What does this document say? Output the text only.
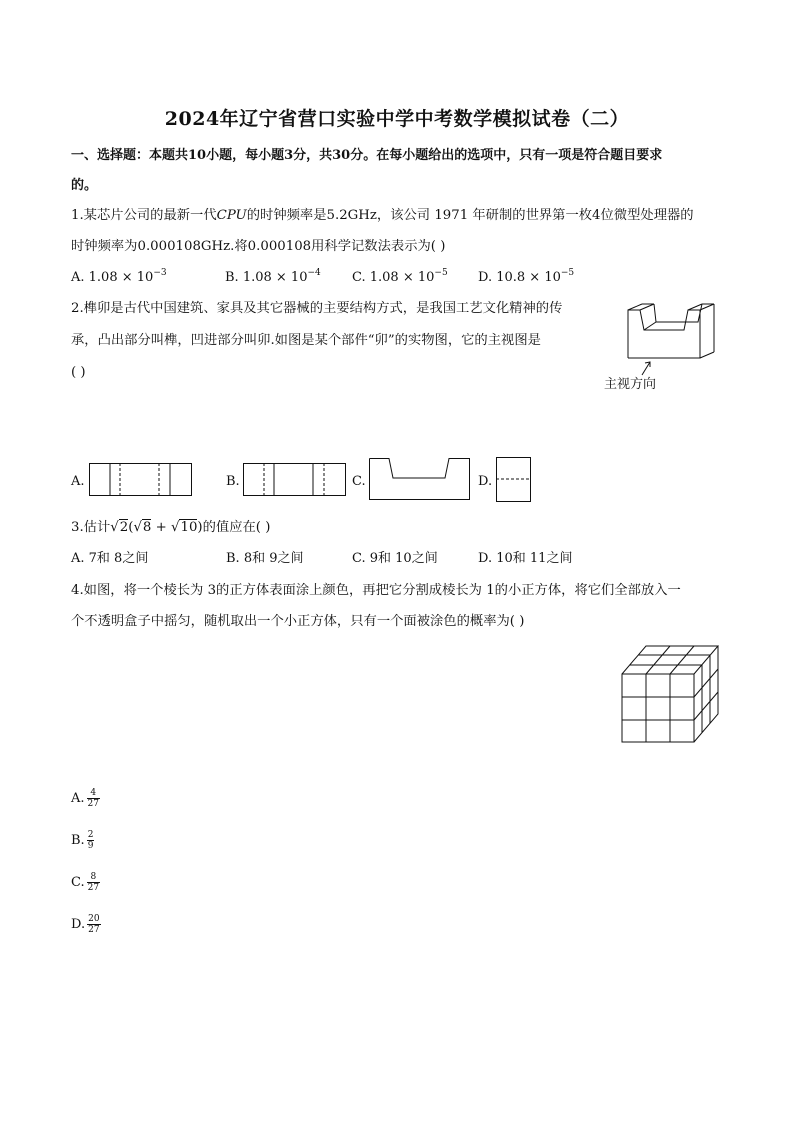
2024年辽宁省营口实验中学中考数学模拟试卷（二）
一、选择题：本题共10小题，每小题3分，共30分。在每小题给出的选项中，只有一项是符合题目要求
的。
1.某芯片公司的最新一代CPU的时钟频率是5.2GHz，该公司 1971 年研制的世界第一枚4位微型处理器的
时钟频率为0.000108GHz.将0.000108用科学记数法表示为( )
A. $1.08 \times 10^{-3}$	B. $1.08 \times 10^{-4}$ C. $1.08 \times 10^{-5}$ D. $10.8 \times 10^{-5}$
2.榫卯是古代中国建筑、家具及其它器械的主要结构方式，是我国工艺文化精神的传
承，凸出部分叫榫，凹进部分叫卯.如图是某个部件“卯”的实物图，它的主视图是
( )
主视方向
A.	B.	C.	D.
3.估计√2(√8 + √10)的值应在( )
A. 7和 8之间	B. 8和 9之间	C. 9和 10之间	D. 10和 11之间
4.如图，将一个棱长为 3的正方体表面涂上颜色，再把它分割成棱长为 1的小正方体，将它们全部放入一
个不透明盒子中摇匀，随机取出一个小正方体，只有一个面被涂色的概率为( )
A. $\frac{4}{27}$
B. $\frac{2}{9}$
C. $\frac{8}{27}$
D. $\frac{20}{27}$
